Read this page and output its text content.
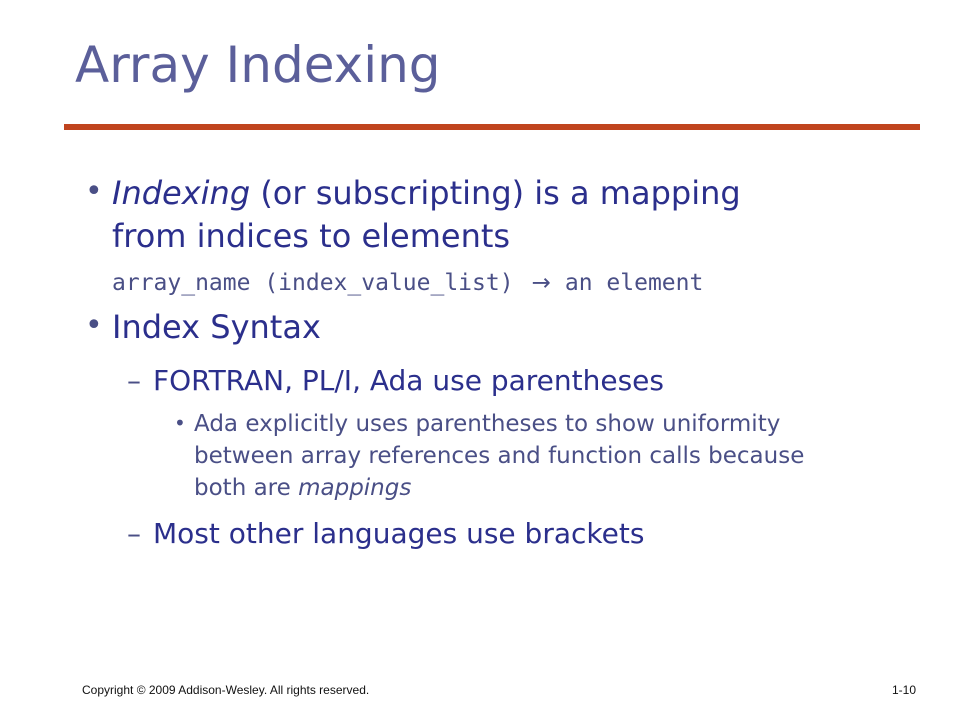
Array Indexing
• Indexing (or subscripting) is a mapping
from indices to elements
array_name (index_value_list) → an element
• Index Syntax
– FORTRAN, PL/I, Ada use parentheses
• Ada explicitly uses parentheses to show uniformity
between array references and function calls because
both are mappings
– Most other languages use brackets
Copyright © 2009 Addison-Wesley. All rights reserved.	1-10
